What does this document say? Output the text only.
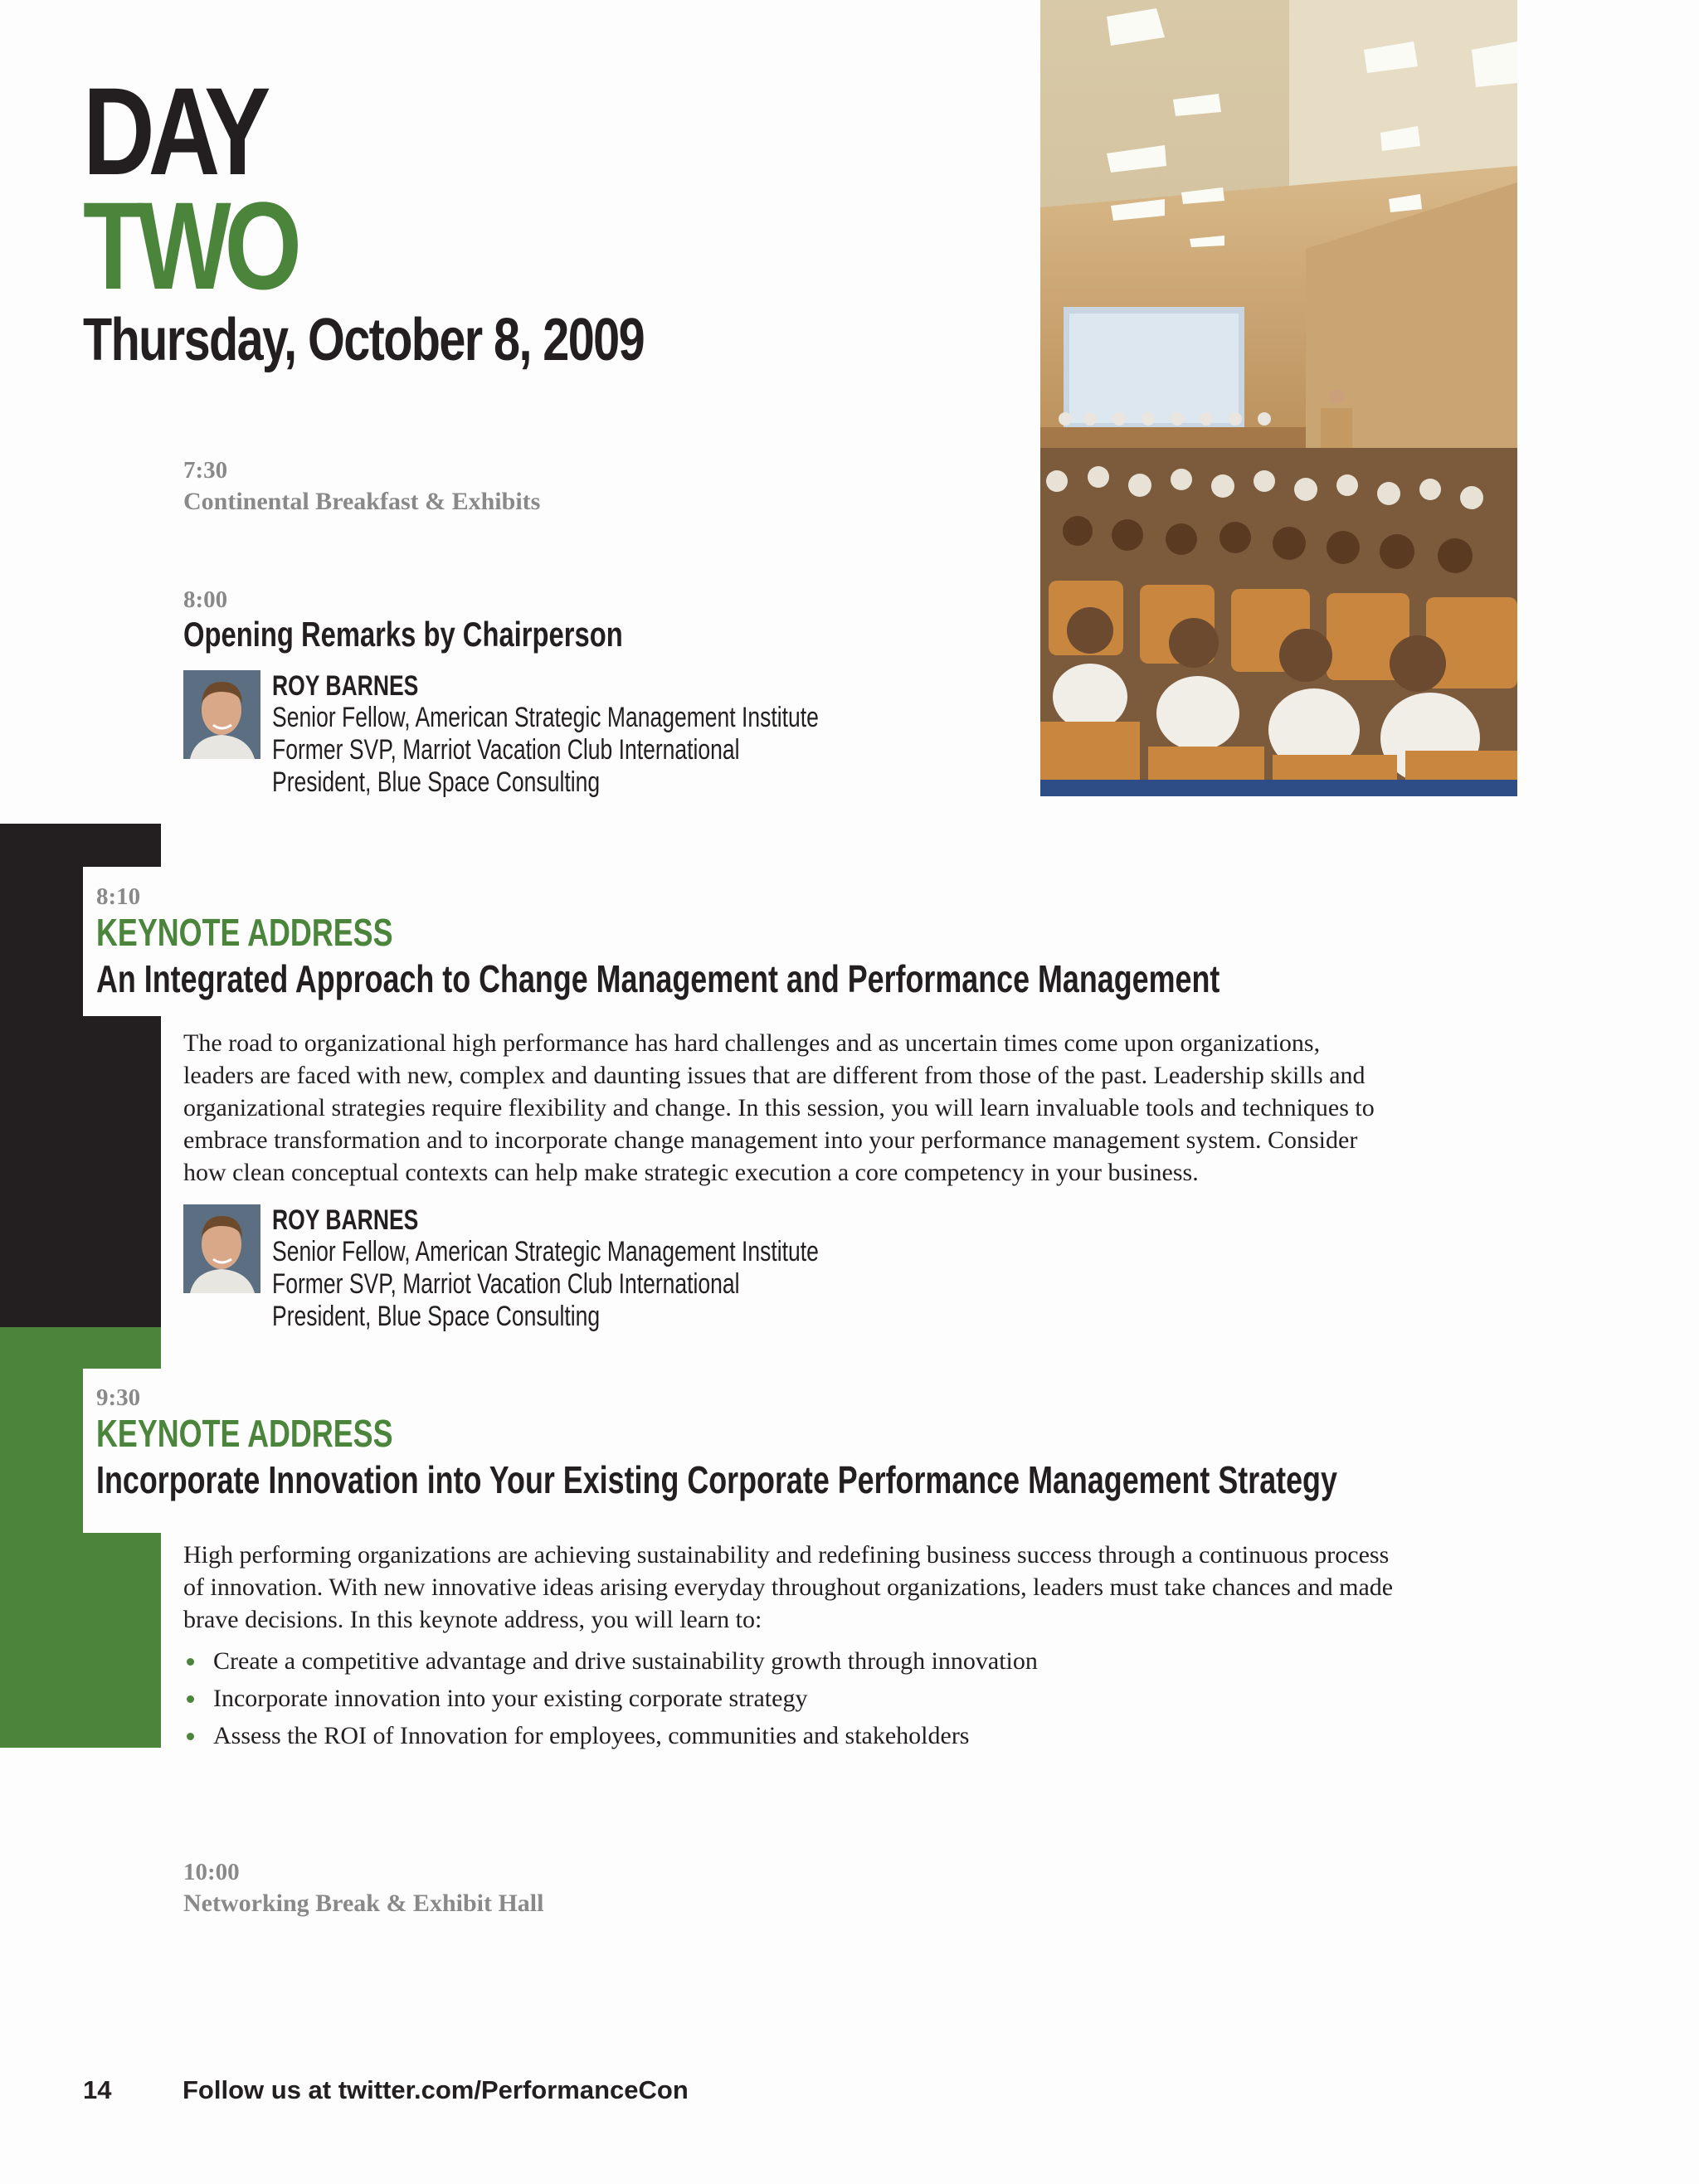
DAY
TWO
Thursday, October 8, 2009
7:30
Continental Breakfast & Exhibits
8:00
Opening Remarks by Chairperson
ROY BARNES
Senior Fellow, American Strategic Management Institute
Former SVP, Marriot Vacation Club International
President, Blue Space Consulting
8:10
KEYNOTE ADDRESS
An Integrated Approach to Change Management and Performance Management

The road to organizational high performance has hard challenges and as uncertain times come upon organizations,

leaders are faced with new, complex and daunting issues that are different from those of the past. Leadership skills and

organizational strategies require flexibility and change. In this session, you will learn invaluable tools and techniques to

embrace transformation and to incorporate change management into your performance management system. Consider

how clean conceptual contexts can help make strategic execution a core competency in your business.

ROY BARNES
Senior Fellow, American Strategic Management Institute
Former SVP, Marriot Vacation Club International
President, Blue Space Consulting
9:30
KEYNOTE ADDRESS
Incorporate Innovation into Your Existing Corporate Performance Management Strategy

High performing organizations are achieving sustainability and redefining business success through a continuous process

of innovation. With new innovative ideas arising everyday throughout organizations, leaders must take chances and made

brave decisions. In this keynote address, you will learn to:

Create a competitive advantage and drive sustainability growth through innovation
Incorporate innovation into your existing corporate strategy
Assess the ROI of Innovation for employees, communities and stakeholders
10:00
Networking Break & Exhibit Hall
14	Follow us at twitter.com/PerformanceCon
